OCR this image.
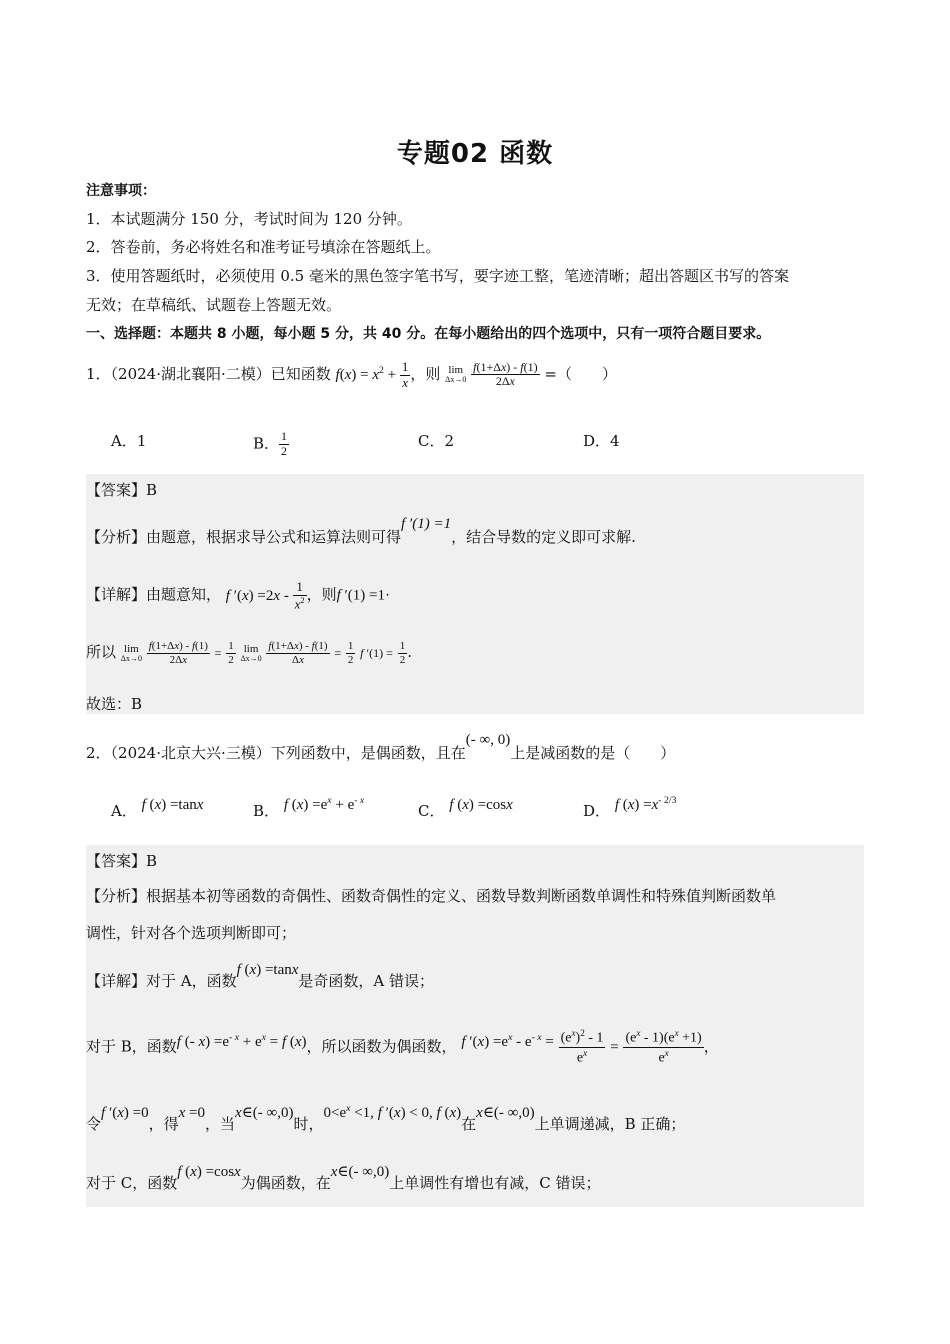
专题02 函数
注意事项：
1．本试题满分 150 分，考试时间为 120 分钟。
2．答卷前，务必将姓名和准考证号填涂在答题纸上。
3．使用答题纸时，必须使用 0.5 毫米的黑色签字笔书写，要字迹工整，笔迹清晰；超出答题区书写的答案
无效；在草稿纸、试题卷上答题无效。
一、选择题：本题共 8 小题，每小题 5 分，共 40 分。在每小题给出的四个选项中，只有一项符合题目要求。
1．（2024·湖北襄阳·二模）已知函数 $f(x) = x^2 + \frac{1}{x}$ ，则 lim
Δx→0
$\frac{f(1+\Delta x) - f(1)}{2\Delta x}$ =（　　）
A．1	B． $\frac{1}{2}$	C．2	D．4
【答案】B
【分析】由题意，根据求导公式和运算法则可得f ′(1) =1，结合导数的定义即可求解.
【详解】由题意知， f $'(x) =2x - \frac{1}{x^2}$ ，则f ′(1) =1·
所以 lim
Δx→0
$\frac{f(1+\Delta x) - f(1)}{2\Delta x} = \frac{1}{2}$ lim
Δx→0
$\frac{f(1+\Delta x) - f(1)}{\Delta x} = \frac{1}{2}$ f $'(1) = \frac{1}{2}$ .
故选：B
2．（2024·北京大兴·三模）下列函数中，是偶函数，且在(- ∞, 0)上是减函数的是（　　）
A． f (x) =tanx	B． f $(x) =e^x + e^{- x}$
C． f (x) =cosx	D． f $(x) =x^{- 2/3}$
【答案】B
【分析】根据基本初等函数的奇偶性、函数奇偶性的定义、函数导数判断函数单调性和特殊值判断函数单
调性，针对各个选项判断即可；
【详解】对于 A，函数f (x) =tanx是奇函数，A 错误；
对于 B，函数f (- $x) =e^{- x} + e^x = f$ (x)，所以函数为偶函数， f $'(x) =e^x - e^{- x} = \frac{(e^x)^2 - 1}{e^x} = \frac{(e^x - 1)(e^x +1)}{e^x}$ ，
令f ′(x) =0，得x =0，当x∈(- ∞,0)时，$0<e^x <1$, f ′(x) < 0, f (x)在x∈(- ∞,0)上单调递减，B 正确；
对于 C，函数f (x) =cosx为偶函数，在x∈(- ∞,0)上单调性有增也有减，C 错误；
